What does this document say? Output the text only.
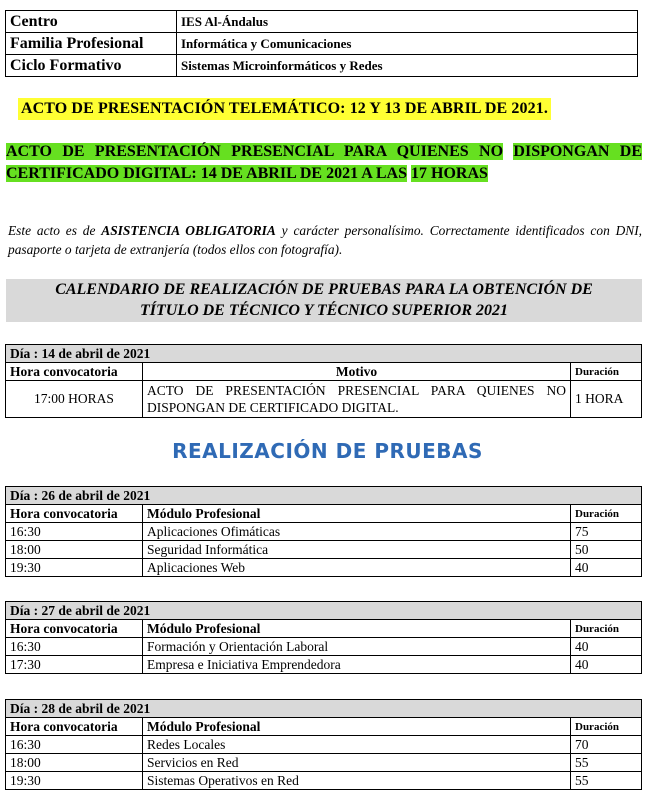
Centro	IES Al-Ándalus
Familia Profesional	Informática y Comunicaciones
Ciclo Formativo	Sistemas Microinformáticos y Redes
ACTO DE PRESENTACIÓN TELEMÁTICO: 12 Y 13 DE ABRIL DE 2021.
ACTO DE PRESENTACIÓN PRESENCIAL PARA QUIENES NO DISPONGAN DE CERTIFICADO DIGITAL: 14 DE ABRIL DE 2021 A LAS 17 HORAS
Este acto es de ASISTENCIA OBLIGATORIA y carácter personalísimo. Correctamente identificados con DNI, pasaporte o tarjeta de extranjería (todos ellos con fotografía).
CALENDARIO DE REALIZACIÓN DE PRUEBAS PARA LA OBTENCIÓN DE
TÍTULO DE TÉCNICO Y TÉCNICO SUPERIOR 2021
Día : 14 de abril de 2021		
Hora convocatoria	Motivo	Duración
17:00 HORAS	ACTO DE PRESENTACIÓN PRESENCIAL PARA QUIENES NO DISPONGAN DE CERTIFICADO DIGITAL.	1 HORA
REALIZACIÓN DE PRUEBAS
Día : 26 de abril de 2021		
Hora convocatoria	Módulo Profesional	Duración
16:30	Aplicaciones Ofimáticas	75
18:00	Seguridad Informática	50
19:30	Aplicaciones Web	40
Día : 27 de abril de 2021		
Hora convocatoria	Módulo Profesional	Duración
16:30	Formación y Orientación Laboral	40
17:30	Empresa e Iniciativa Emprendedora	40
Día : 28 de abril de 2021		
Hora convocatoria	Módulo Profesional	Duración
16:30	Redes Locales	70
18:00	Servicios en Red	55
19:30	Sistemas Operativos en Red	55
